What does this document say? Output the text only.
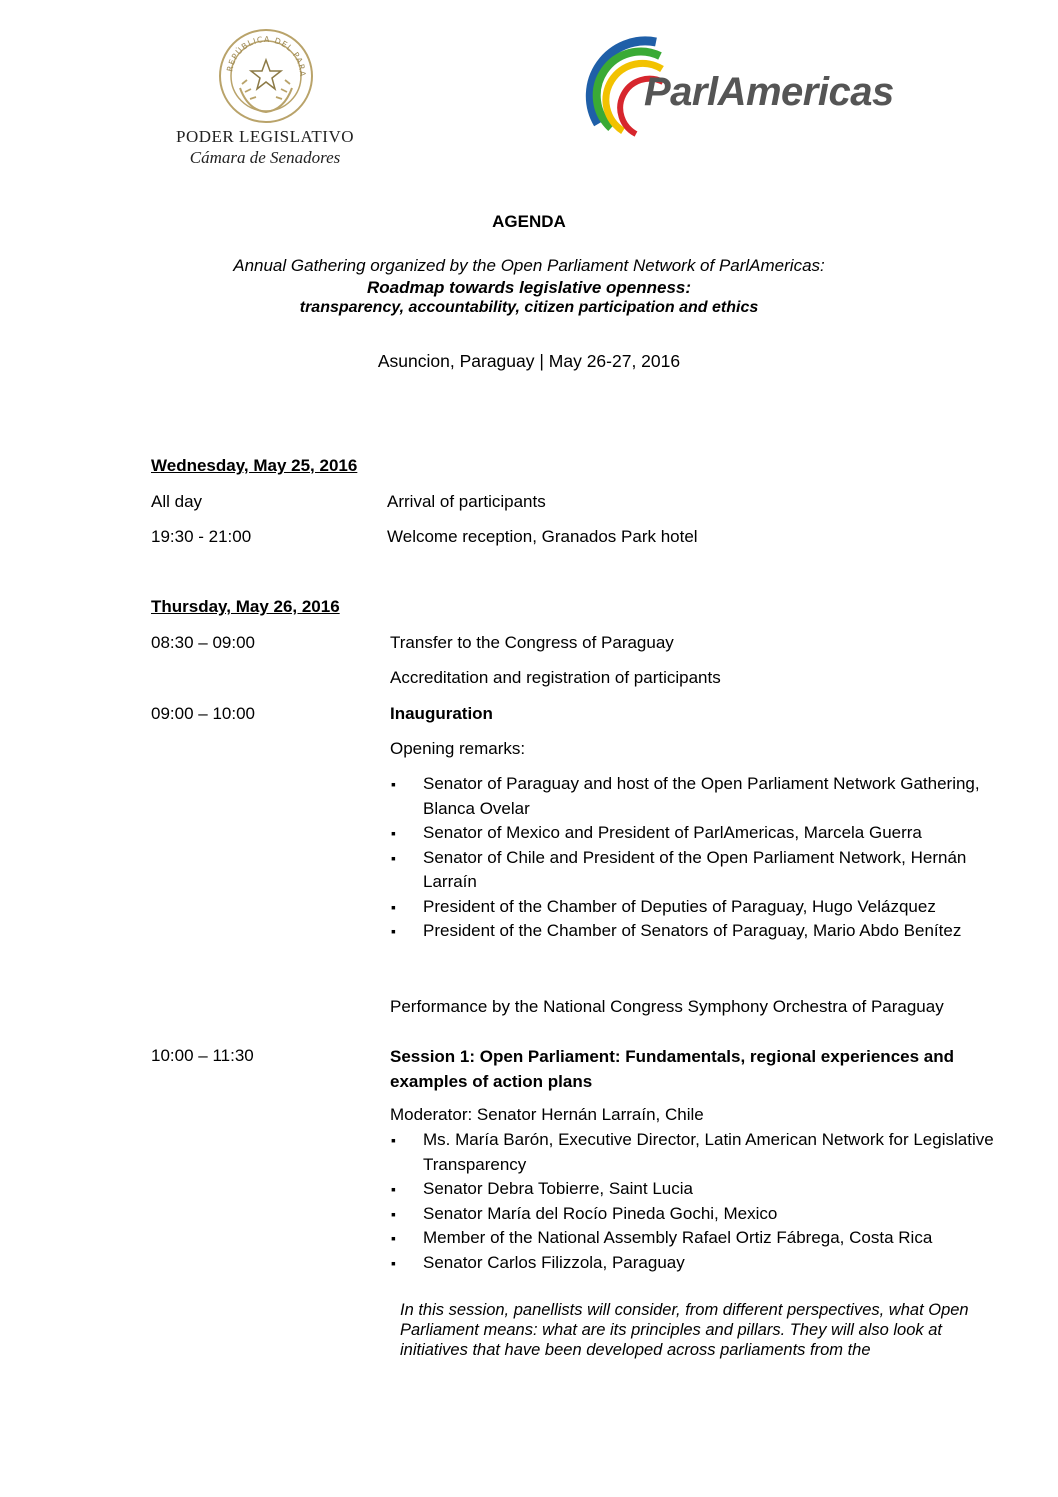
REPÚBLICA DEL PARA
PODER LEGISLATIVO
Cámara de Senadores
ParlAmericas
AGENDA
Annual Gathering organized by the Open Parliament Network of ParlAmericas:
Roadmap towards legislative openness:
transparency, accountability, citizen participation and ethics
Asuncion, Paraguay | May 26-27, 2016
Wednesday, May 25, 2016
All day	Arrival of participants
19:30 - 21:00	Welcome reception, Granados Park hotel
Thursday, May 26, 2016
08:30 – 09:00	Transfer to the Congress of Paraguay
Accreditation and registration of participants
09:00 – 10:00	Inauguration
Opening remarks:
▪ Senator of Paraguay and host of the Open Parliament Network Gathering, Blanca Ovelar
▪ Senator of Mexico and President of ParlAmericas, Marcela Guerra
▪ Senator of Chile and President of the Open Parliament Network, Hernán Larraín
▪ President of the Chamber of Deputies of Paraguay, Hugo Velázquez
▪ President of the Chamber of Senators of Paraguay, Mario Abdo Benítez
Performance by the National Congress Symphony Orchestra of Paraguay
10:00 – 11:30	Session 1: Open Parliament: Fundamentals, regional experiences and examples of action plans
Moderator: Senator Hernán Larraín, Chile
▪ Ms. María Barón, Executive Director, Latin American Network for Legislative Transparency
▪ Senator Debra Tobierre, Saint Lucia
▪ Senator María del Rocío Pineda Gochi, Mexico
▪ Member of the National Assembly Rafael Ortiz Fábrega, Costa Rica
▪ Senator Carlos Filizzola, Paraguay
In this session, panellists will consider, from different perspectives, what Open Parliament means: what are its principles and pillars. They will also look at initiatives that have been developed across parliaments from the
